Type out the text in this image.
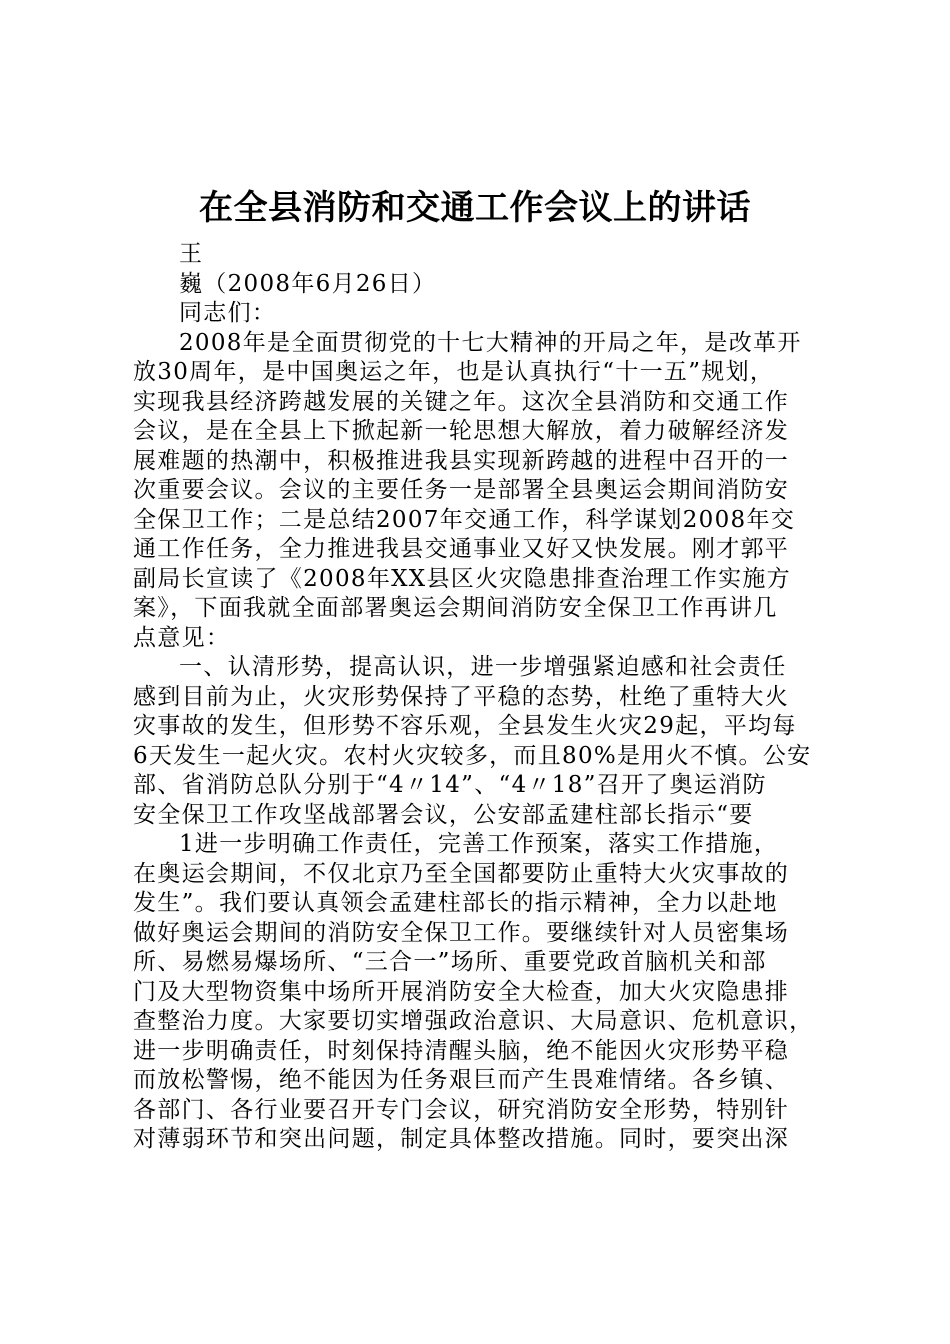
在全县消防和交通工作会议上的讲话
王
巍（2008年6月26日）
同志们：
2008年是全面贯彻党的十七大精神的开局之年，是改革开
放30周年，是中国奥运之年，也是认真执行“十一五”规划，
实现我县经济跨越发展的关键之年。这次全县消防和交通工作
会议，是在全县上下掀起新一轮思想大解放，着力破解经济发
展难题的热潮中，积极推进我县实现新跨越的进程中召开的一
次重要会议。会议的主要任务一是部署全县奥运会期间消防安
全保卫工作；二是总结2007年交通工作，科学谋划2008年交
通工作任务，全力推进我县交通事业又好又快发展。刚才郭平
副局长宣读了《2008年XX县区火灾隐患排查治理工作实施方
案》，下面我就全面部署奥运会期间消防安全保卫工作再讲几
点意见：
一、认清形势，提高认识，进一步增强紧迫感和社会责任
感到目前为止，火灾形势保持了平稳的态势，杜绝了重特大火
灾事故的发生，但形势不容乐观，全县发生火灾29起，平均每
6天发生一起火灾。农村火灾较多，而且80%是用火不慎。公安
部、省消防总队分别于“4〃14”、“4〃18”召开了奥运消防
安全保卫工作攻坚战部署会议，公安部孟建柱部长指示“要
1进一步明确工作责任，完善工作预案，落实工作措施，
在奥运会期间，不仅北京乃至全国都要防止重特大火灾事故的
发生”。我们要认真领会孟建柱部长的指示精神，全力以赴地
做好奥运会期间的消防安全保卫工作。要继续针对人员密集场
所、易燃易爆场所、“三合一”场所、重要党政首脑机关和部
门及大型物资集中场所开展消防安全大检查，加大火灾隐患排
查整治力度。大家要切实增强政治意识、大局意识、危机意识，
进一步明确责任，时刻保持清醒头脑，绝不能因火灾形势平稳
而放松警惕，绝不能因为任务艰巨而产生畏难情绪。各乡镇、
各部门、各行业要召开专门会议，研究消防安全形势，特别针
对薄弱环节和突出问题，制定具体整改措施。同时，要突出深
